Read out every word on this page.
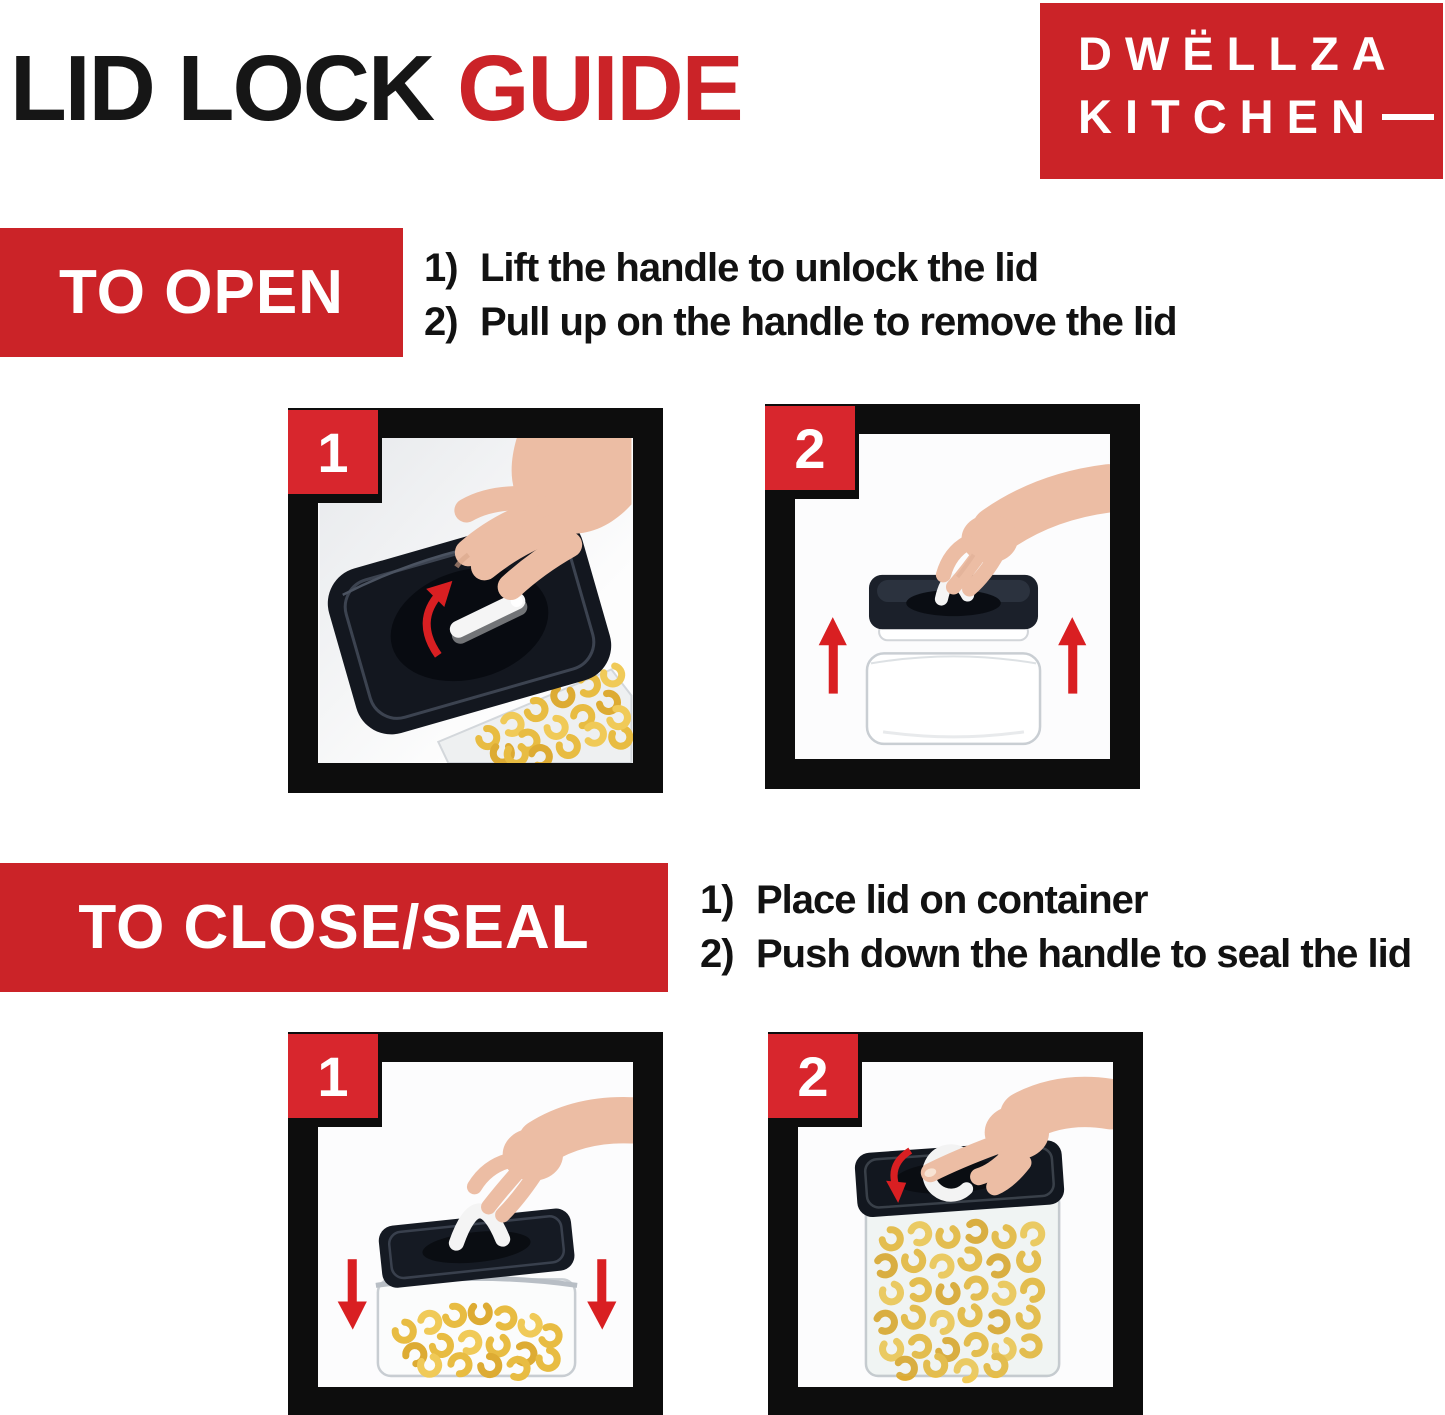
LID LOCK GUIDE	DWËLLZA
KITCHEN
TO OPEN 1) Lift the handle to unlock the lid
2) Pull up on the handle to remove the lid
1	2
TO CLOSE/SEAL	1) Place lid on container
2) Push down the handle to seal the lid
1	2
